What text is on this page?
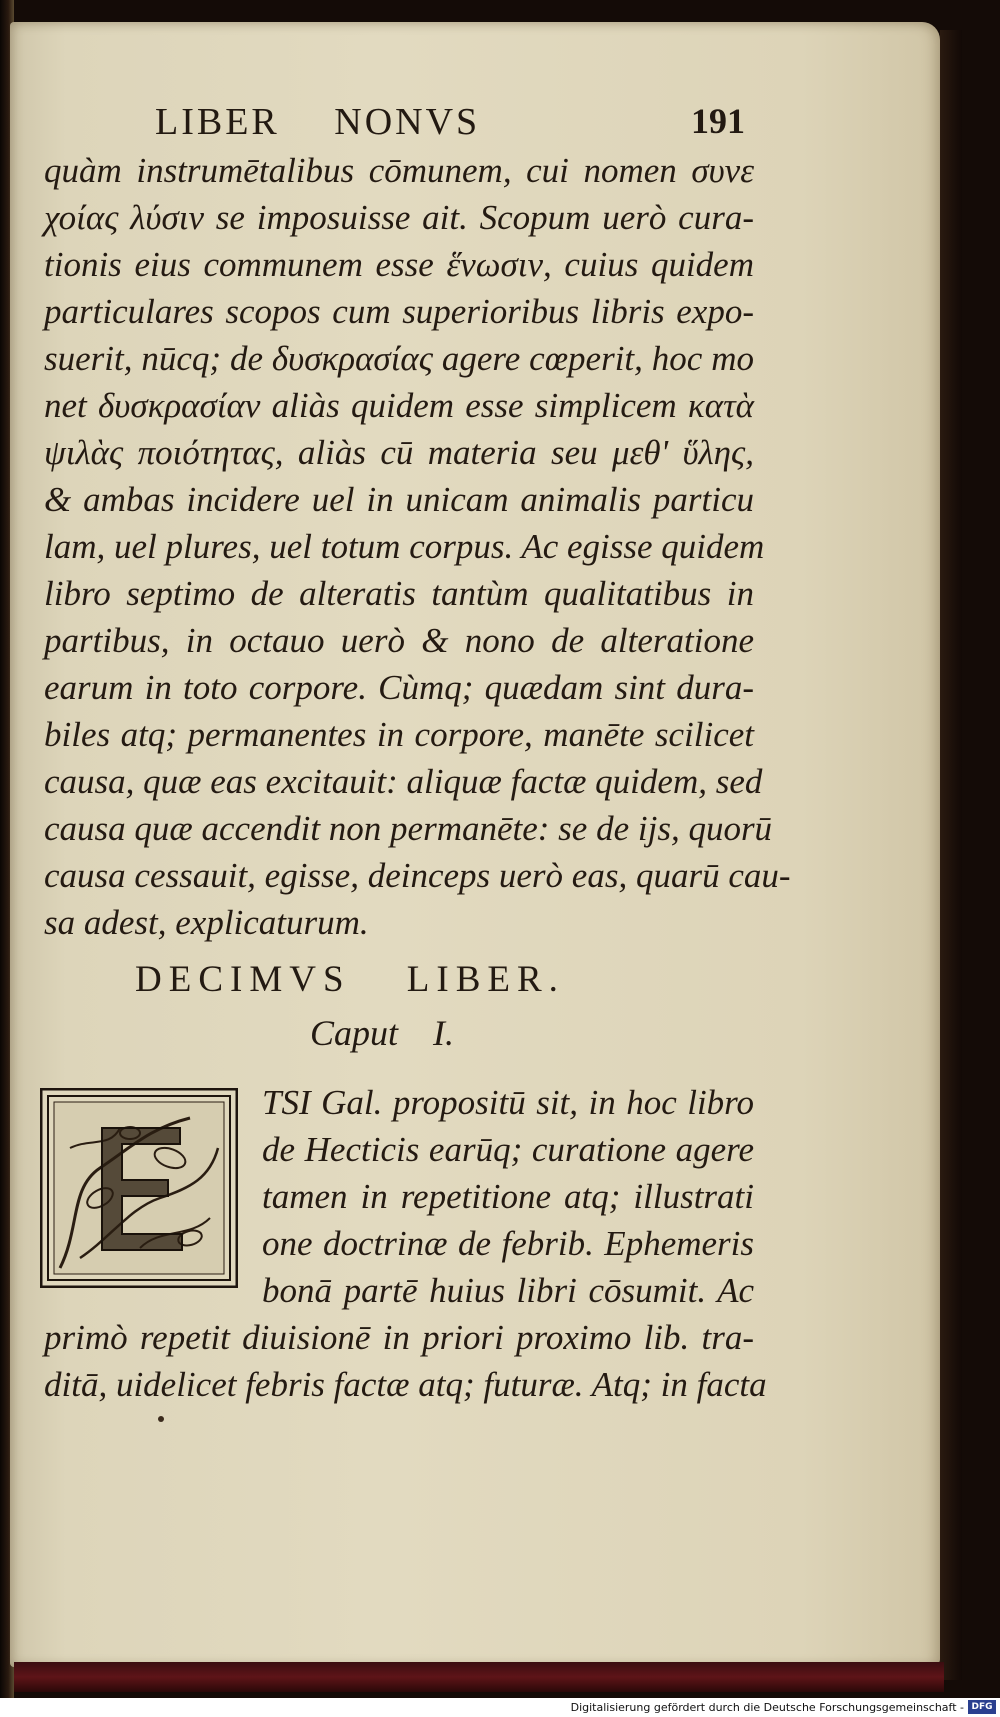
LIBER NONVS	191
quàm instrumētalibus cōmunem, cui nomen συνε
χοίας λύσιν se imposuisse ait. Scopum uerò cura-
tionis eius communem esse ἕνωσιν, cuius quidem
particulares scopos cum superioribus libris expo-
suerit, nūcq; de δυσκρασίας agere cœperit, hoc mo
net δυσκρασίαν aliàs quidem esse simplicem κατὰ
ψιλὰς ποιότητας, aliàs cū materia seu μεθ' ὕλης,
& ambas incidere uel in unicam animalis particu
lam, uel plures, uel totum corpus. Ac egisse quidem
libro septimo de alteratis tantùm qualitatibus in
partibus, in octauo uerò & nono de alteratione
earum in toto corpore. Cùmq; quædam sint dura-
biles atq; permanentes in corpore, manēte scilicet
causa, quæ eas excitauit: aliquæ factæ quidem, sed
causa quæ accendit non permanēte: se de ijs, quorū
causa cessauit, egisse, deinceps uerò eas, quarū cau-
sa adest, explicaturum.
DECIMVS LIBER.
Caput I.
TSI Gal. propositū sit, in hoc libro
de Hecticis earūq; curatione agere
tamen in repetitione atq; illustrati
one doctrinæ de febrib. Ephemeris
bonā partē huius libri cōsumit. Ac
primò repetit diuisionē in priori proximo lib. tra-
ditā, uidelicet febris factæ atq; futuræ. Atq; in facta
Digitalisierung gefördert durch die Deutsche Forschungsgemeinschaft - DFG
